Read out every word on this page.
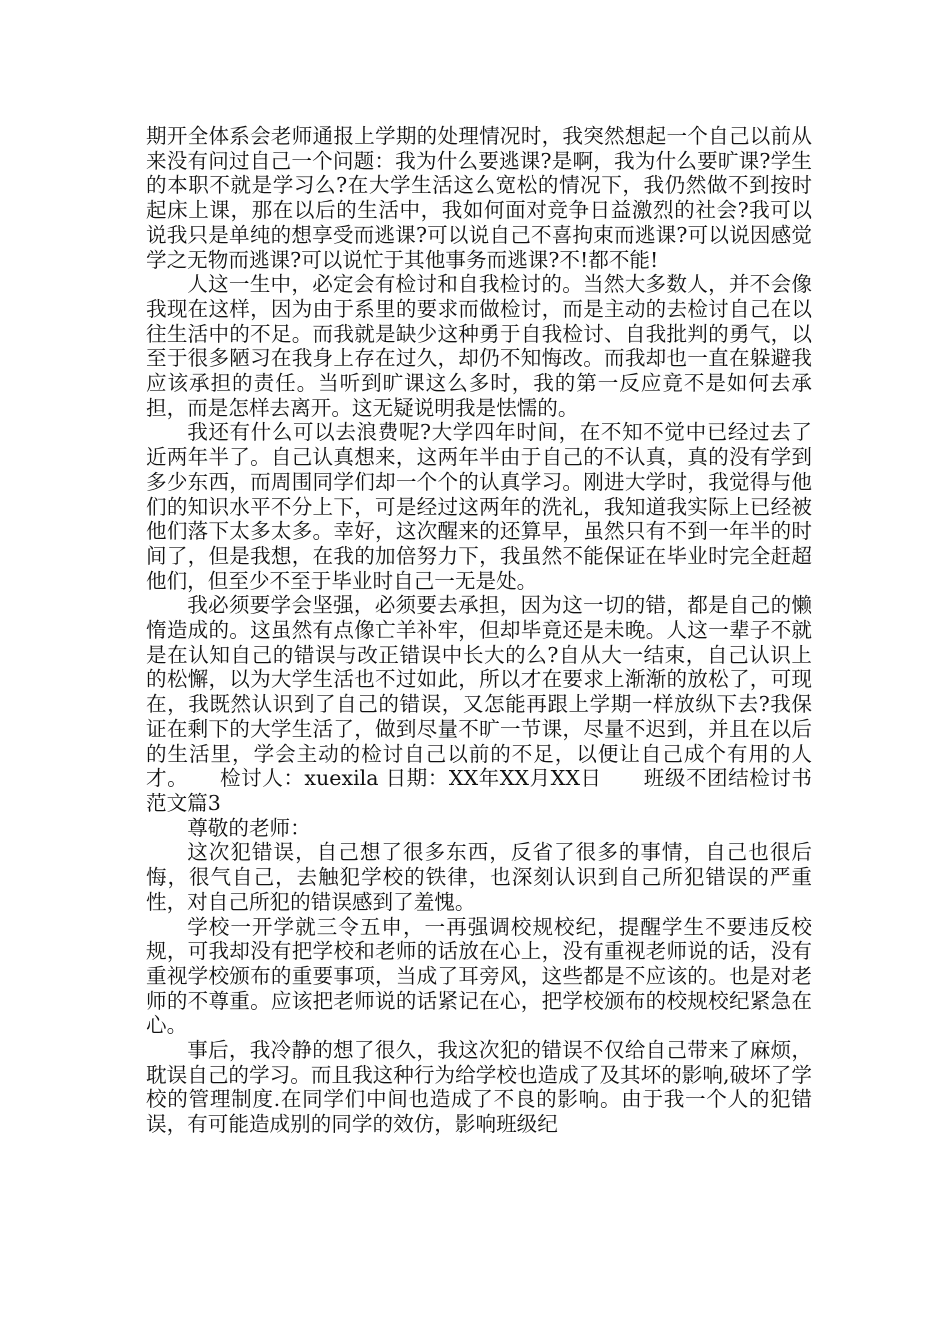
期开全体系会老师通报上学期的处理情况时，我突然想起一个自己以前从来没有问过自己一个问题：我为什么要逃课?是啊，我为什么要旷课?学生的本职不就是学习么?在大学生活这么宽松的情况下，我仍然做不到按时起床上课，那在以后的生活中，我如何面对竞争日益激烈的社会?我可以说我只是单纯的想享受而逃课?可以说自己不喜拘束而逃课?可以说因感觉学之无物而逃课?可以说忙于其他事务而逃课?不!都不能!

人这一生中，必定会有检讨和自我检讨的。当然大多数人，并不会像我现在这样，因为由于系里的要求而做检讨，而是主动的去检讨自己在以往生活中的不足。而我就是缺少这种勇于自我检讨、自我批判的勇气，以至于很多陋习在我身上存在过久，却仍不知悔改。而我却也一直在躲避我应该承担的责任。当听到旷课这么多时，我的第一反应竟不是如何去承担，而是怎样去离开。这无疑说明我是怯懦的。

我还有什么可以去浪费呢?大学四年时间，在不知不觉中已经过去了近两年半了。自己认真想来，这两年半由于自己的不认真，真的没有学到多少东西，而周围同学们却一个个的认真学习。刚进大学时，我觉得与他们的知识水平不分上下，可是经过这两年的洗礼，我知道我实际上已经被他们落下太多太多。幸好，这次醒来的还算早，虽然只有不到一年半的时间了，但是我想，在我的加倍努力下，我虽然不能保证在毕业时完全赶超他们，但至少不至于毕业时自己一无是处。

我必须要学会坚强，必须要去承担，因为这一切的错，都是自己的懒惰造成的。这虽然有点像亡羊补牢，但却毕竟还是未晚。人这一辈子不就是在认知自己的错误与改正错误中长大的么?自从大一结束，自己认识上的松懈，以为大学生活也不过如此，所以才在要求上渐渐的放松了，可现在，我既然认识到了自己的错误，又怎能再跟上学期一样放纵下去?我保证在剩下的大学生活了，做到尽量不旷一节课，尽量不迟到，并且在以后的生活里，学会主动的检讨自己以前的不足，以便让自己成个有用的人才。　　检讨人：xuexila 日期：XX年XX月XX日　　班级不团结检讨书范文篇3

尊敬的老师：

这次犯错误，自己想了很多东西，反省了很多的事情，自己也很后悔，很气自己，去触犯学校的铁律，也深刻认识到自己所犯错误的严重性，对自己所犯的错误感到了羞愧。

学校一开学就三令五申，一再强调校规校纪，提醒学生不要违反校规，可我却没有把学校和老师的话放在心上，没有重视老师说的话，没有重视学校颁布的重要事项，当成了耳旁风，这些都是不应该的。也是对老师的不尊重。应该把老师说的话紧记在心，把学校颁布的校规校纪紧急在心。

事后，我冷静的想了很久，我这次犯的错误不仅给自己带来了麻烦，耽误自己的学习。而且我这种行为给学校也造成了及其坏的影响,破坏了学校的管理制度.在同学们中间也造成了不良的影响。由于我一个人的犯错误，有可能造成别的同学的效仿，影响班级纪
